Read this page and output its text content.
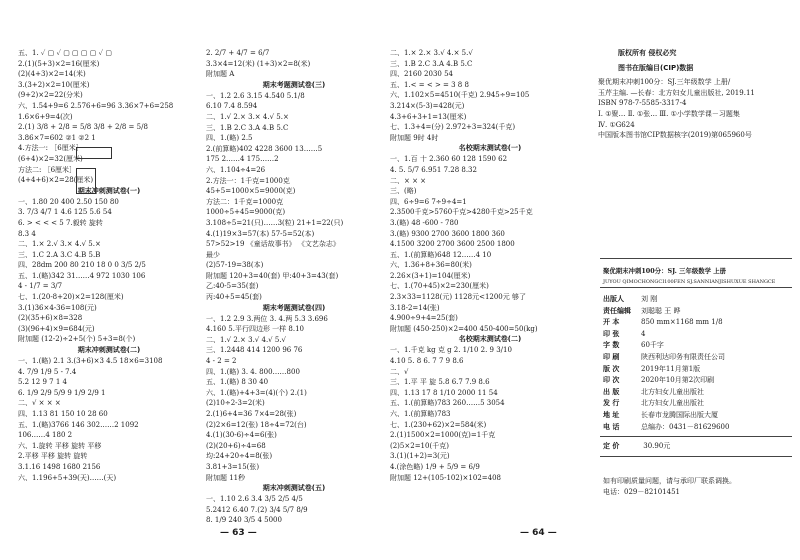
五、1. ✓ ▢ ✓ ▢ ▢ ▢ ▢ ✓ ▢
2.(1)(5+3)×2=16(厘米)
(2)(4+3)×2=14(米)
3.(3+2)×2=10(厘米)
(9+2)×2=22(分米)
六、1.54+9=6 2.576+6=96 3.36×7+6=258
1.6×6+9=4(次)
2.(1) 3/8 + 2/8 = 5/8 3/8 + 2/8 = 5/8
3.86×7=602 ②1 ②2 1
4.方法一: ［6厘米］
(6+4)×2=32(厘米)
方法二: ［6厘米］
(4+4+6)×2=28(厘米)
期末冲刺测试卷(一)
一、1.80 20 400 2.50 150 80
3. 7/3 4/7 1 4.6 125 5.6 54
6. > < < < 5 7.毅转 旋转
8.3 4
二、1.× 2.√ 3.× 4.√ 5.×
三、1.C 2.A 3.C 4.B 5.B
四、28dm 200 80 210 18 0 0 3/5 2/5
五、1.(略)342 31……4 972 1030 106
4 - 1/7 = 3/7
七、1.(20-8+20)×2=128(厘米)
3.(1)36×4-36=108(元)
(2)(35+6)×8=328
(3)(96+4)×9=684(元)
附加题 (12-2)÷2+5(个) 5+3=8(个)
期末冲刺测试卷(二)
一、1.(略) 2.1 3.(3+6)×3 4.5 18×6=3108
4. 7/9 1/9 5 - 7.4
5.2 12 9 7 1 4
6. 1/9 2/9 5/9 9 1/9 2/9 1
二、√ × × ×
四、1.13 81 150 10 28 60
五、1.(略)3766 146 302……2 1092
106……4 180 2
六、1.旋转 平移 旋转 平移
2.平移 平移 旋转 旋转
3.1.16 1498 1680 2156
六、1.196+5+39(天)……(天)
2. 2/7 + 4/7 = 6/7
3.3×4=12(米) (1+3)×2=8(米)
附加题 A
期末考题测试卷(三)
一、1.2 2.6 3.15 4.540 5.1/8
6.10 7.4 8.594
二、1.√ 2.× 3.× 4.√ 5.×
三、1.B 2.C 3.A 4.B 5.C
四、1.(略) 2.5
2.(前算略)402 4228 3600 13……5
175 2……4 175……2
六、1.104÷4=26
2.方法一：1千克=1000克
45+5=1000×5=9000(克)
方法二：1千克=1000克
1000÷5+45=9000(克)
3.108÷5=21(只)……3(粒) 21+1=22(只)
4.(1)19×3=57(本) 57-5=52(本)
57>52>19 《童话故事书》 《文艺杂志》
最少
(2)57-19=38(本)
附加题 120+3=40(套) 甲:40+3=43(套)
乙:40-5=35(套)
丙:40+5=45(套)
期末考题测试卷(四)
一、1.2 2.9 3.两位 3. 4.两 5.3 3.696
4.160 5.平行四边形 一样 8.10
二、1.√ 2.× 3.√ 4.√ 5.√
三、1.2448 414 1200 96 76
4 - 2 = 2
四、1.(略) 3. 4. 800……800
五、1.(略) 8 30 40
六、1.(略)+4+3=(4)(个) 2.(1)
(2)10÷2-3=2(米)
2.(1)6+4=36 7×4=28(张)
(2)2×6=12(张) 18÷4=72(台)
4.(1)(30-6)÷4=6(张)
(2)(20+6)÷4=68
均:24+20÷4=8(张)
3.81+3=15(张)
附加题 11秒
期末冲刺测试卷(五)
一、1.10 2.6 3.4 3/5 2/5 4/5
5.2412 6.40 7.(2) 3/4 5/7 8/9
8. 1/9 240 3/5 4 5000
二、1.× 2.× 3.√ 4.× 5.√
三、1.B 2.C 3.A 4.B 5.C
四、2160 2030 54
五、1.< = < > = 3 8 8
六、1.102×5=4510(千克) 2.945÷9=105
3.214×(5-3)=428(元)
4.3+6+3+1=13(厘米)
七、1.3+4=(分) 2.972+3=324(千克)
附加题 9时 4时
名校期末测试卷(一)
一、1.百 十 2.360 60 128 1590 62
4. 5. 5/7 6.951 7.28 8.32
二、× × ×
三、(略)
四、6÷9=6 7÷9÷4=1
2.3500千克>5760千克>4280千克>25千克
3.(略) 48 -600 - 780
3.(略) 9300 2700 3600 1800 360
4.1500 3200 2700 3600 2500 1800
五、1.(前算略)648 12……4 10
六、1.36+8+36=80(米)
2.26×(3+1)=104(厘米)
七、1.(70+45)×2=230(厘米)
2.3×33=1128(元) 1128元<1200元 够了
3.18-2=14(张)
4.900÷9+4=25(套)
附加题 (450-250)×2=400 450-400=50(kg)
名校期末测试卷(二)
一、1.千克 kg 克 g 2. 1/10 2. 9 3/10
4.10 5. 8 6. 7 7 9 8.6
二、√
三、1.平 平 旋 5.8 6.7 7.9 8.6
四、1.13 17 8 1/10 2000 11 54
五、1.(前算略)783 260……5 3054
六、1.(前算略)783
七、1.(230+62)×2=584(米)
2.(1)1500×2=1000(克)=1千克
(2)5×2=10(千克)
3.(1)(1+2)=3(元)
4.(涂色略) 1/9 + 5/9 = 6/9
附加题 12+(105-102)×102=408
— 63 —
版权所有 侵权必究
图书在版编目(CIP)数据
聚优期末冲刺100分：SJ.三年级数学 上册/
玉芹主编. —长春：北方妇女儿童出版社, 2019.11
ISBN 978-7-5585-3317-4
Ⅰ. ①聚… Ⅱ. ①张… Ⅲ. ①小学数学课－习题集
Ⅳ. ①G624
中国版本图书馆CIP数据核字(2019)第065960号
聚优期末冲刺100分：SJ. 三年级数学 上册
JUYOU QIMOCHONGCI100FEN SJ.SANNIANJISHUXUE SHANGCE
出版人 刘 刚
责任编辑 刘聪聪 王 晔
开 本	850 mm×1168 mm 1/8
印 张	4
字 数	60千字
印 刷	陕西利达印务有限责任公司
版 次	2019年11月第1版
印 次	2020年10月第2次印刷
出 版	北方妇女儿童出版社
发 行	北方妇女儿童出版社
地 址	长春市龙腾国际出版大厦
电 话	总编办：0431－81629600
定 价	30.90元
如有印刷质量问题，请与承印厂联系调换。
电话：029－82101451
— 64 —
